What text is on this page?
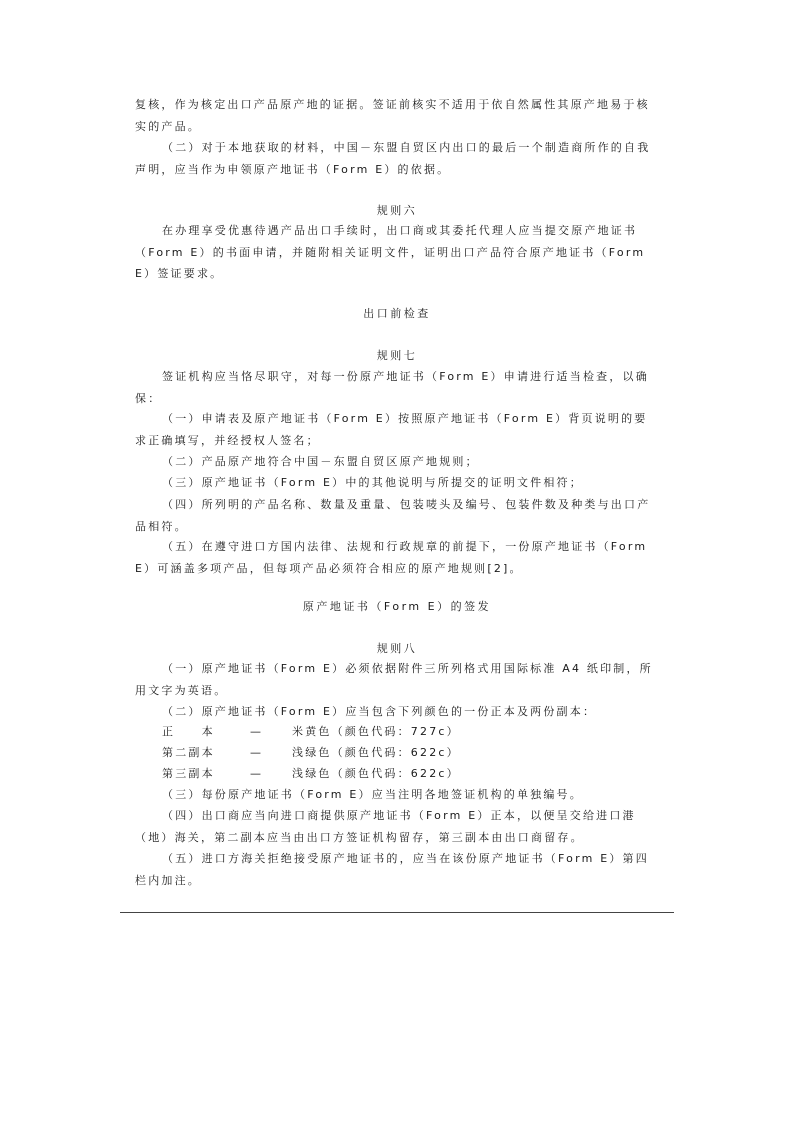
复核，作为核定出口产品原产地的证据。签证前核实不适用于依自然属性其原产地易于核实的产品。

（二）对于本地获取的材料，中国－东盟自贸区内出口的最后一个制造商所作的自我声明，应当作为申领原产地证书（Form E）的依据。

规则六

在办理享受优惠待遇产品出口手续时，出口商或其委托代理人应当提交原产地证书（Form E）的书面申请，并随附相关证明文件，证明出口产品符合原产地证书（Form E）签证要求。

出口前检查

规则七

签证机构应当恪尽职守，对每一份原产地证书（Form E）申请进行适当检查，以确保：

（一）申请表及原产地证书（Form E）按照原产地证书（Form E）背页说明的要求正确填写，并经授权人签名；

（二）产品原产地符合中国－东盟自贸区原产地规则；

（三）原产地证书（Form E）中的其他说明与所提交的证明文件相符；

（四）所列明的产品名称、数量及重量、包装唛头及编号、包装件数及种类与出口产品相符。

（五）在遵守进口方国内法律、法规和行政规章的前提下，一份原产地证书（Form E）可涵盖多项产品，但每项产品必须符合相应的原产地规则[2]。

原产地证书（Form E）的签发

规则八

（一）原产地证书（Form E）必须依据附件三所列格式用国际标准 A4 纸印制，所用文字为英语。

（二）原产地证书（Form E）应当包含下列颜色的一份正本及两份副本：

正　　本	—	米黄色（颜色代码：727c）
第二副本	—	浅绿色（颜色代码：622c）
第三副本	—	浅绿色（颜色代码：622c）

（三）每份原产地证书（Form E）应当注明各地签证机构的单独编号。

（四）出口商应当向进口商提供原产地证书（Form E）正本，以便呈交给进口港（地）海关，第二副本应当由出口方签证机构留存，第三副本由出口商留存。

（五）进口方海关拒绝接受原产地证书的，应当在该份原产地证书（Form E）第四栏内加注。
